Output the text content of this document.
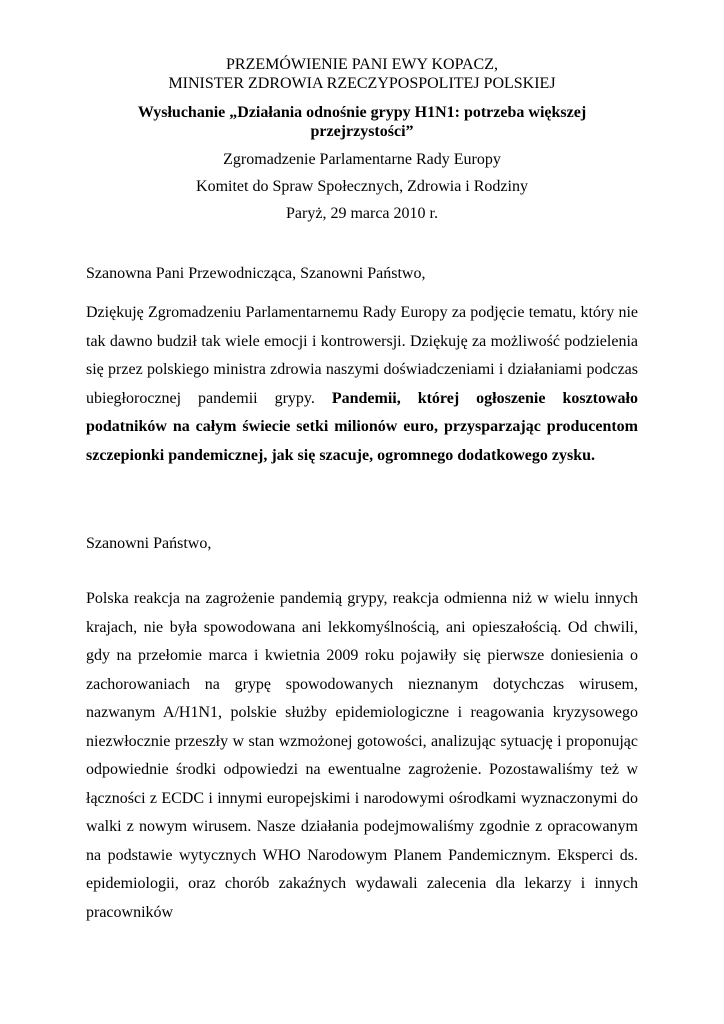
PRZEMÓWIENIE PANI EWY KOPACZ,
MINISTER ZDROWIA RZECZYPOSPOLITEJ POLSKIEJ
Wysłuchanie „Działania odnośnie grypy H1N1: potrzeba większej
przejrzystości”
Zgromadzenie Parlamentarne Rady Europy
Komitet do Spraw Społecznych, Zdrowia i Rodziny
Paryż, 29 marca 2010 r.

Szanowna Pani Przewodnicząca, Szanowni Państwo,

Dziękuję Zgromadzeniu Parlamentarnemu Rady Europy za podjęcie tematu, który nie tak dawno budził tak wiele emocji i kontrowersji. Dziękuję za możliwość podzielenia się przez polskiego ministra zdrowia naszymi doświadczeniami i działaniami podczas ubiegłorocznej pandemii grypy. Pandemii, której ogłoszenie kosztowało podatników na całym świecie setki milionów euro, przysparzając producentom szczepionki pandemicznej, jak się szacuje, ogromnego dodatkowego zysku.

Szanowni Państwo,

Polska reakcja na zagrożenie pandemią grypy, reakcja odmienna niż w wielu innych krajach, nie była spowodowana ani lekkomyślnością, ani opieszałością. Od chwili, gdy na przełomie marca i kwietnia 2009 roku pojawiły się pierwsze doniesienia o zachorowaniach na grypę spowodowanych nieznanym dotychczas wirusem, nazwanym A/H1N1, polskie służby epidemiologiczne i reagowania kryzysowego niezwłocznie przeszły w stan wzmożonej gotowości, analizując sytuację i proponując odpowiednie środki odpowiedzi na ewentualne zagrożenie. Pozostawaliśmy też w łączności z ECDC i innymi europejskimi i narodowymi ośrodkami wyznaczonymi do walki z nowym wirusem. Nasze działania podejmowaliśmy zgodnie z opracowanym na podstawie wytycznych WHO Narodowym Planem Pandemicznym. Eksperci ds. epidemiologii, oraz chorób zakaźnych wydawali zalecenia dla lekarzy i innych pracowników
